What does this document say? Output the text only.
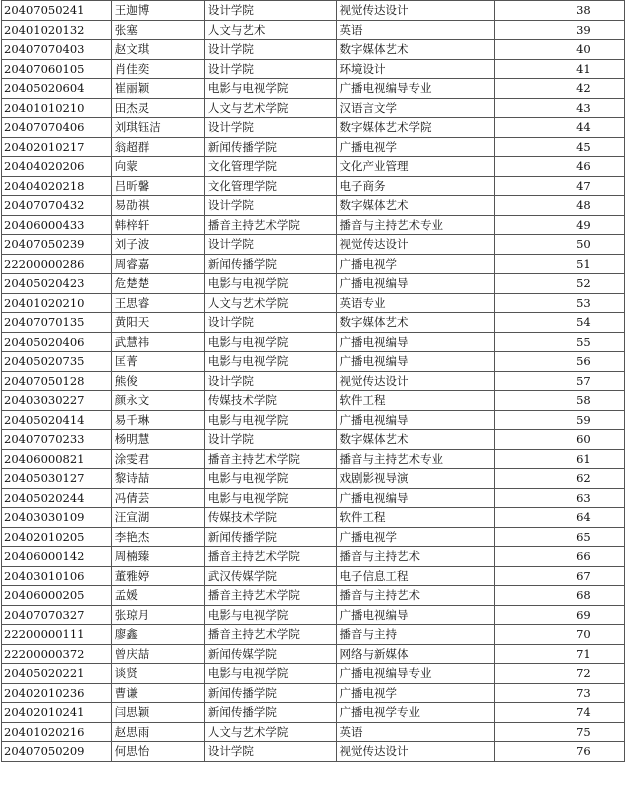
20407050241	王迦博	设计学院	视觉传达设计	38
20401020132	张塞	人文与艺术	英语	39
20407070403	赵文琪	设计学院	数字媒体艺术	40
20407060105	肖佳奕	设计学院	环境设计	41
20405020604	崔丽颖	电影与电视学院	广播电视编导专业	42
20401010210	田杰灵	人文与艺术学院	汉语言文学	43
20407070406	刘琪钰洁	设计学院	数字媒体艺术学院	44
20402010217	翁超群	新闻传播学院	广播电视学	45
20404020206	向蒙	文化管理学院	文化产业管理	46
20404020218	吕昕馨	文化管理学院	电子商务	47
20407070432	易劭祺	设计学院	数字媒体艺术	48
20406000433	韩梓轩	播音主持艺术学院	播音与主持艺术专业	49
20407050239	刘子波	设计学院	视觉传达设计	50
22200000286	周睿嘉	新闻传播学院	广播电视学	51
20405020423	危楚楚	电影与电视学院	广播电视编导	52
20401020210	王思睿	人文与艺术学院	英语专业	53
20407070135	黄阳天	设计学院	数字媒体艺术	54
20405020406	武慧祎	电影与电视学院	广播电视编导	55
20405020735	匡菁	电影与电视学院	广播电视编导	56
20407050128	熊俊	设计学院	视觉传达设计	57
20403030227	颜永文	传媒技术学院	软件工程	58
20405020414	易千琳	电影与电视学院	广播电视编导	59
20407070233	杨明慧	设计学院	数字媒体艺术	60
20406000821	涂雯君	播音主持艺术学院	播音与主持艺术专业	61
20405030127	黎诗喆	电影与电视学院	戏剧影视导演	62
20405020244	冯倩芸	电影与电视学院	广播电视编导	63
20403030109	汪宣湖	传媒技术学院	软件工程	64
20402010205	李艳杰	新闻传播学院	广播电视学	65
20406000142	周楠臻	播音主持艺术学院	播音与主持艺术	66
20403010106	董雅婷	武汉传媒学院	电子信息工程	67
20406000205	孟媛	播音主持艺术学院	播音与主持艺术	68
20407070327	张琼月	电影与电视学院	广播电视编导	69
22200000111	廖鑫	播音主持艺术学院	播音与主持	70
22200000372	曾庆喆	新闻传媒学院	网络与新媒体	71
20405020221	谈贤	电影与电视学院	广播电视编导专业	72
20402010236	曹谦	新闻传播学院	广播电视学	73
20402010241	闫思颖	新闻传播学院	广播电视学专业	74
20401020216	赵思雨	人文与艺术学院	英语	75
20407050209	何思怡	设计学院	视觉传达设计	76
